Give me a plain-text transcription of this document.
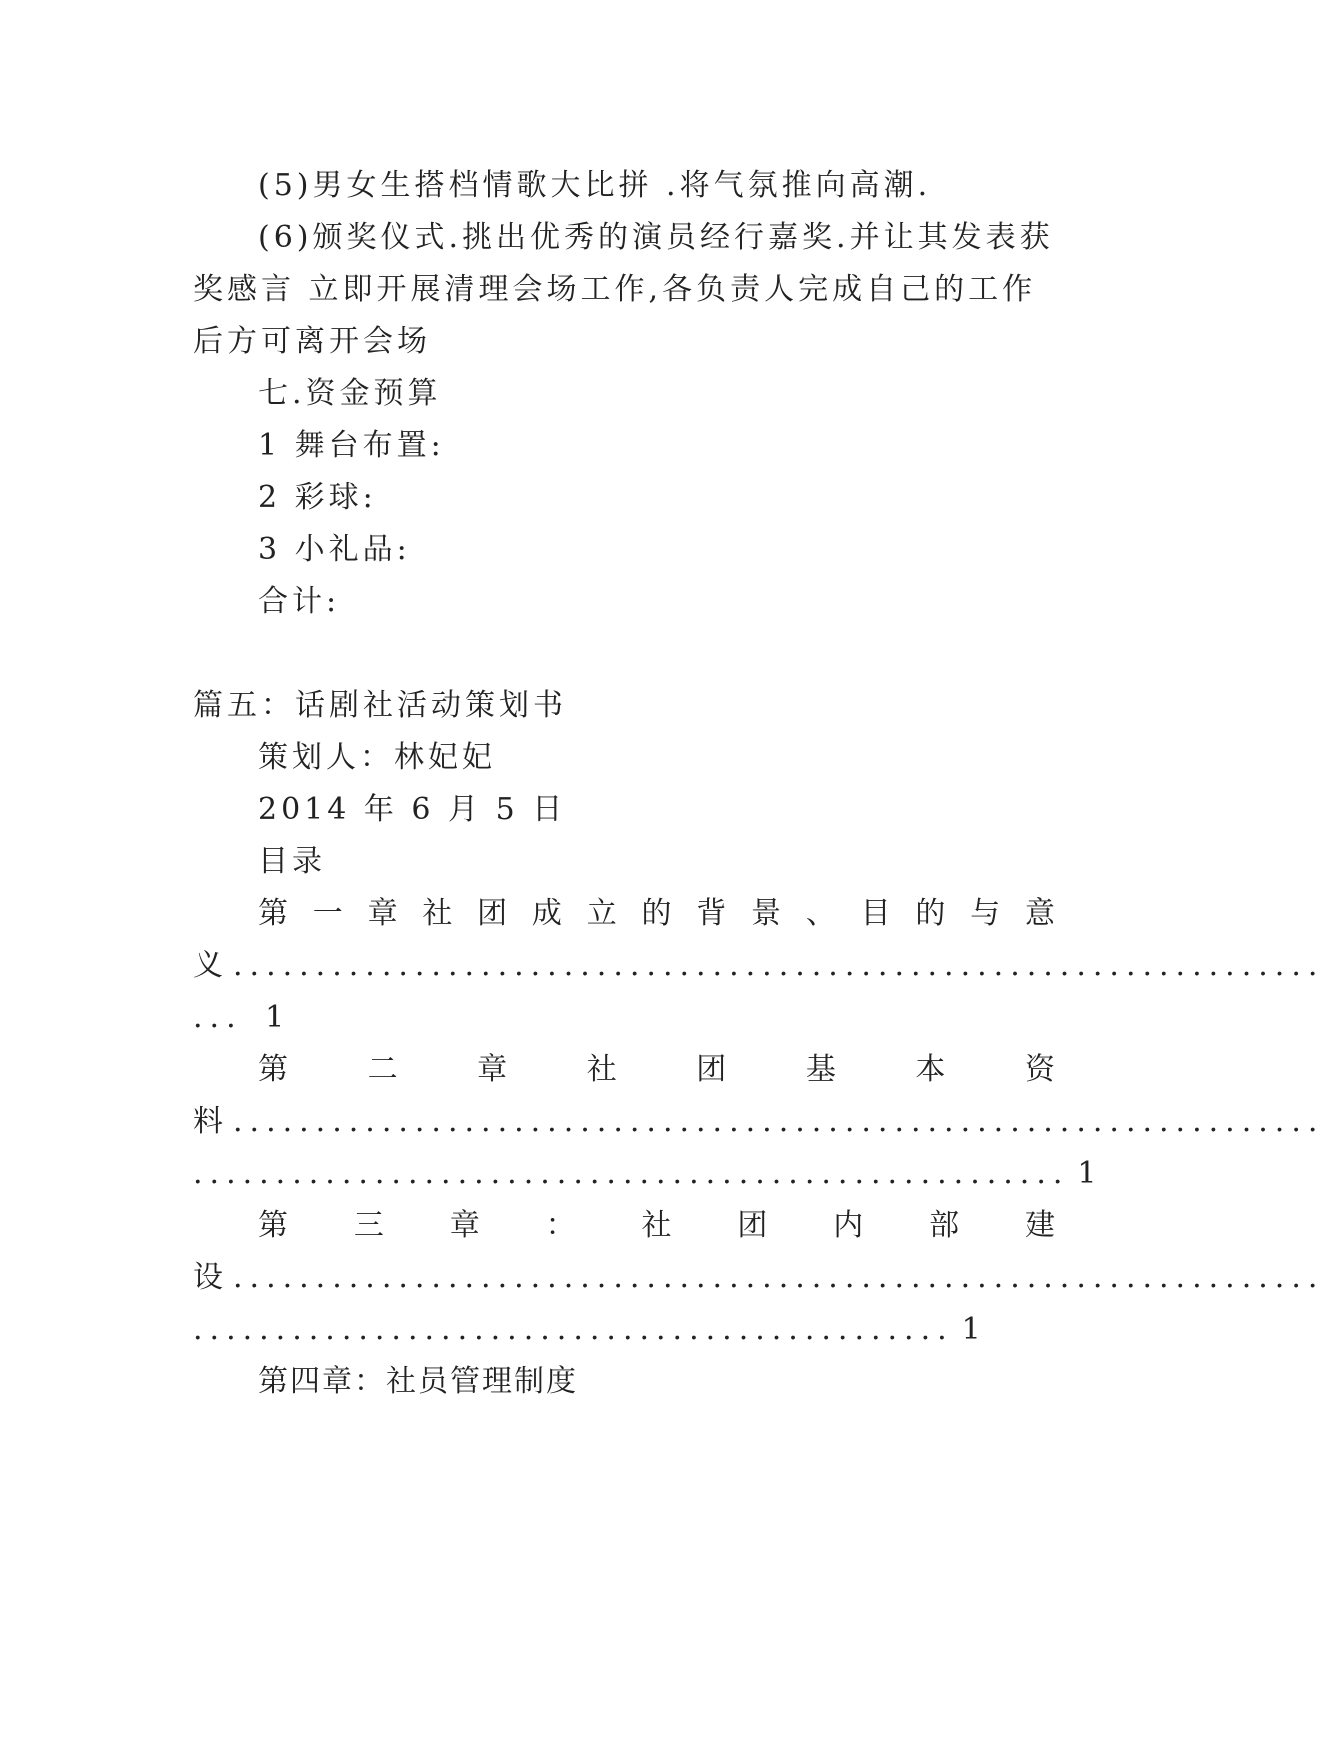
(5)男女生搭档情歌大比拼 .将气氛推向高潮.
(6)颁奖仪式.挑出优秀的演员经行嘉奖.并让其发表获
奖感言 立即开展清理会场工作,各负责人完成自己的工作
后方可离开会场
七.资金预算
1 舞台布置:
2 彩球:
3 小礼品:
合计:
篇五：话剧社活动策划书
策划人：林妃妃
2014 年 6 月 5 日
目录
第 一 章 社 团 成 立 的 背 景 、 目 的 与 意
义 ..................................................................
... 1
第	二	章	社	团	基	本	资
料 ..................................................................
..................................................... 1
第 三 章 ： 社 团 内 部 建
设 ..................................................................
.............................................. 1
第四章：社员管理制度
